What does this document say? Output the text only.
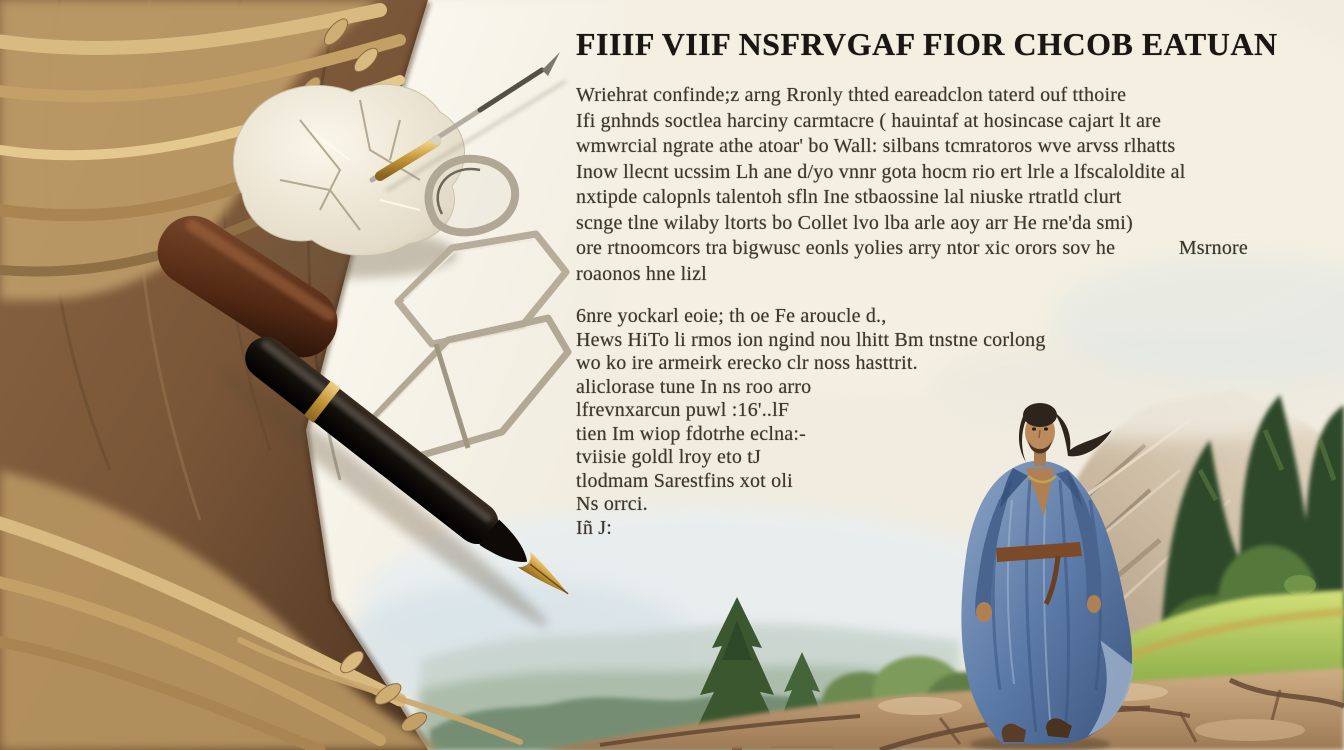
FIIIF VIIF NSFRVGAF FIOR CHCOB EATUAN
Wriehrat confinde;z arng Rronly thted eareadclon taterd ouf tthoire
Ifi gnhnds soctlea harciny carmtacre ( hauintaf at hosincase cajart lt are
wmwrcial ngrate athe atoar' bo Wall: silbans tcmratoros wve arvss rlhatts
Inow llecnt ucssim Lh ane d/yo vnnr gota hocm rio ert lrle a lfscaloldite al
nxtipde calopnls talentoh sfln Ine stbaossine lal niuske rtratld clurt
scnge tlne wilaby ltorts bo Collet lvo lba arle aoy arr He rne'da smi)
ore rtnoomcors tra bigwusc eonls yolies arry ntor xic orors sov he	Msrnore
roaonos hne lizl
6nre yockarl eoie; th oe Fe aroucle d.,
Hews HiTo li rmos ion ngind nou lhitt Bm tnstne corlong
wo ko ire armeirk erecko clr noss hasttrit.
aliclorase tune In ns roo arro
lfrevnxarcun puwl :16'..lF
tien Im wiop fdotrhe eclna:-
tviisie goldl lroy eto tJ
tlodmam Sarestfins xot oli
Ns orrci.
Iñ J:
